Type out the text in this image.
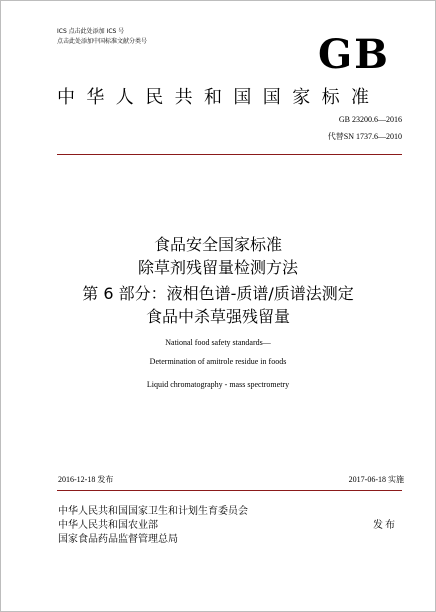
ICS 点击此处添加 ICS 号
点击此处添加中国标准文献分类号	GB
中华人民共和国国家标准
GB 23200.6—2016
代替SN 1737.6—2010
食品安全国家标准
除草剂残留量检测方法
第 6 部分：液相色谱-质谱/质谱法测定
食品中杀草强残留量
National food safety standards—
Determination of amitrole residue in foods
Liquid chromatography - mass spectrometry
2016-12-18 发布	2017-06-18 实施
中华人民共和国国家卫生和计划生育委员会
中华人民共和国农业部
国家食品药品监督管理总局
发布
